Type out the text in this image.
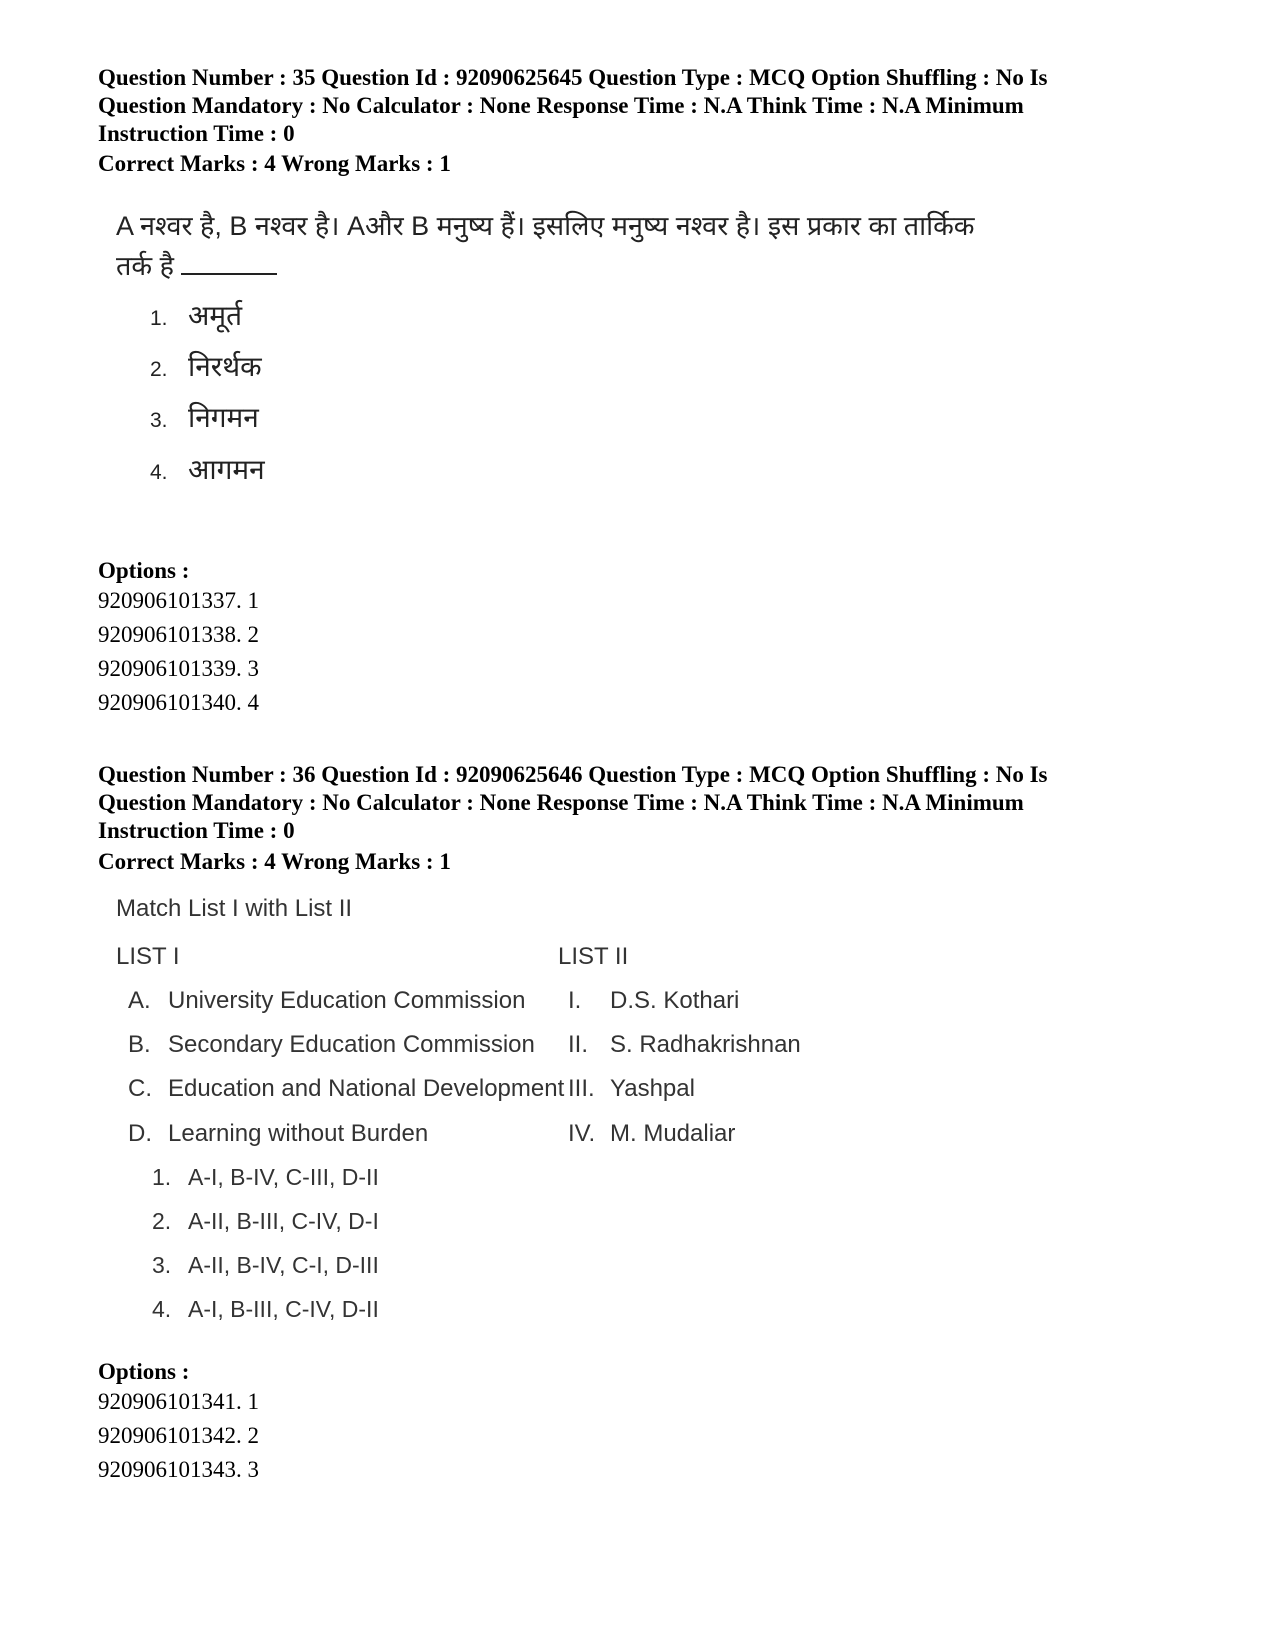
Question Number : 35 Question Id : 92090625645 Question Type : MCQ Option Shuffling : No Is
Question Mandatory : No Calculator : None Response Time : N.A Think Time : N.A Minimum
Instruction Time : 0
Correct Marks : 4 Wrong Marks : 1
A नश्वर है, B नश्वर है। Aऔर B मनुष्य हैं। इसलिए मनुष्य नश्वर है। इस प्रकार का तार्किक
तर्क है
1. अमूर्त
2. निरर्थक
3. निगमन
4. आगमन
Options :
920906101337. 1
920906101338. 2
920906101339. 3
920906101340. 4
Question Number : 36 Question Id : 92090625646 Question Type : MCQ Option Shuffling : No Is
Question Mandatory : No Calculator : None Response Time : N.A Think Time : N.A Minimum
Instruction Time : 0
Correct Marks : 4 Wrong Marks : 1
Match List I with List II
LIST I	LIST II
A. University Education Commission
B. Secondary Education Commission
C. Education and National Development
D. Learning without Burden
I. D.S. Kothari
II. S. Radhakrishnan
III. Yashpal
IV. M. Mudaliar
1. A-I, B-IV, C-III, D-II
2. A-II, B-III, C-IV, D-I
3. A-II, B-IV, C-I, D-III
4. A-I, B-III, C-IV, D-II
Options :
920906101341. 1
920906101342. 2
920906101343. 3
